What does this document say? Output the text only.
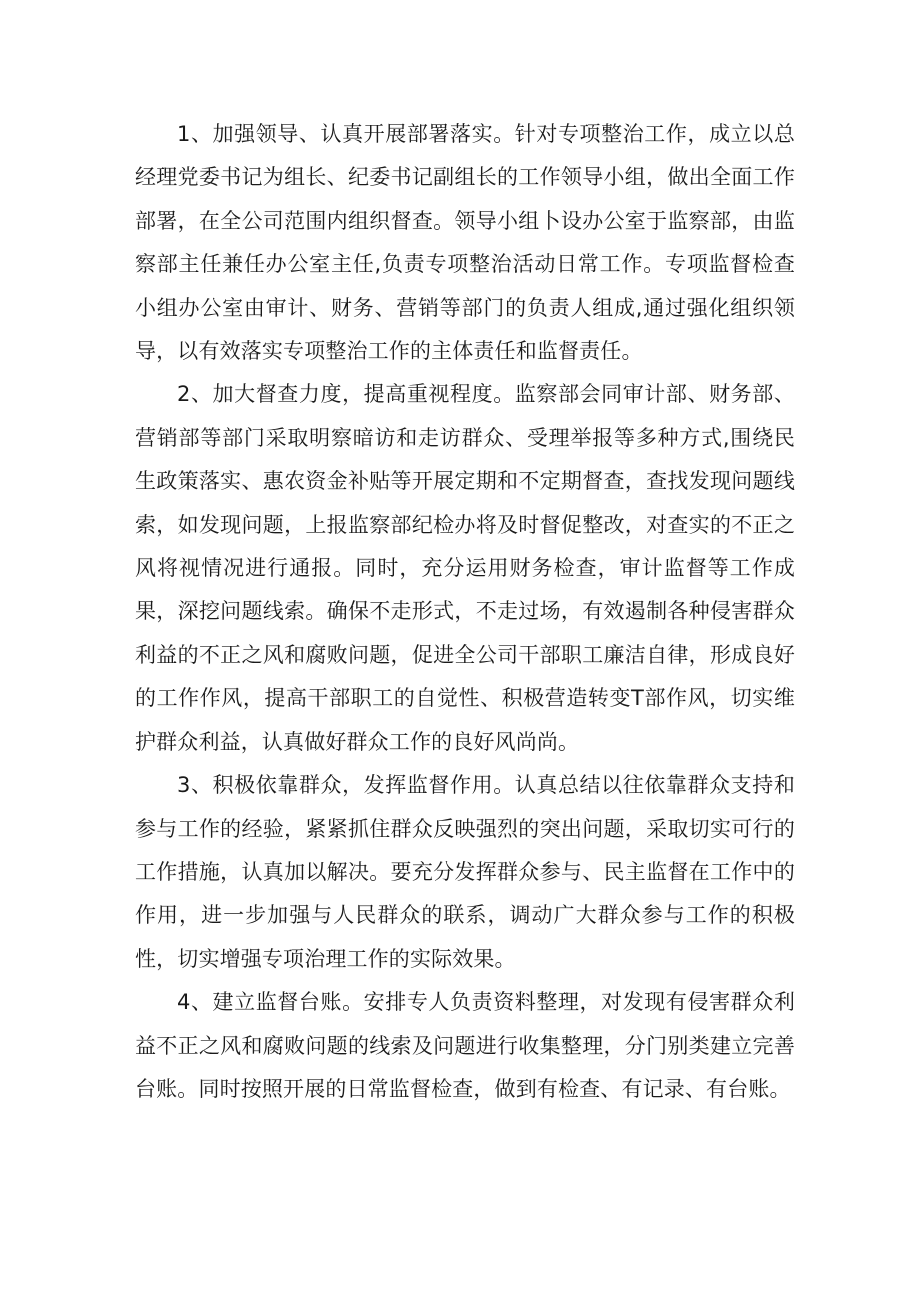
1、加强领导、认真开展部署落实。针对专项整治工作，成立以总经理党委书记为组长、纪委书记副组长的工作领导小组，做出全面工作部署，在全公司范围内组织督查。领导小组卜设办公室于监察部，由监察部主任兼任办公室主任,负责专项整治活动日常工作。专项监督检查小组办公室由审计、财务、营销等部门的负责人组成,通过强化组织领导，以有效落实专项整治工作的主体责任和监督责任。

2、加大督查力度，提高重视程度。监察部会同审计部、财务部、营销部等部门采取明察暗访和走访群众、受理举报等多种方式,围绕民生政策落实、惠农资金补贴等开展定期和不定期督查，查找发现问题线索，如发现问题，上报监察部纪检办将及时督促整改，对查实的不正之风将视情况进行通报。同时，充分运用财务检查，审计监督等工作成果，深挖问题线索。确保不走形式，不走过场，有效遏制各种侵害群众利益的不正之风和腐败问题，促进全公司干部职工廉洁自律，形成良好的工作作风，提高干部职工的自觉性、积极营造转变T部作风，切实维护群众利益，认真做好群众工作的良好风尚尚。

3、积极依靠群众，发挥监督作用。认真总结以往依靠群众支持和参与工作的经验，紧紧抓住群众反映强烈的突出问题，采取切实可行的工作措施，认真加以解决。要充分发挥群众参与、民主监督在工作中的作用，进一步加强与人民群众的联系，调动广大群众参与工作的积极性，切实增强专项治理工作的实际效果。

4、建立监督台账。安排专人负责资料整理，对发现有侵害群众利益不正之风和腐败问题的线索及问题进行收集整理，分门别类建立完善台账。同时按照开展的日常监督检查，做到有检查、有记录、有台账。
